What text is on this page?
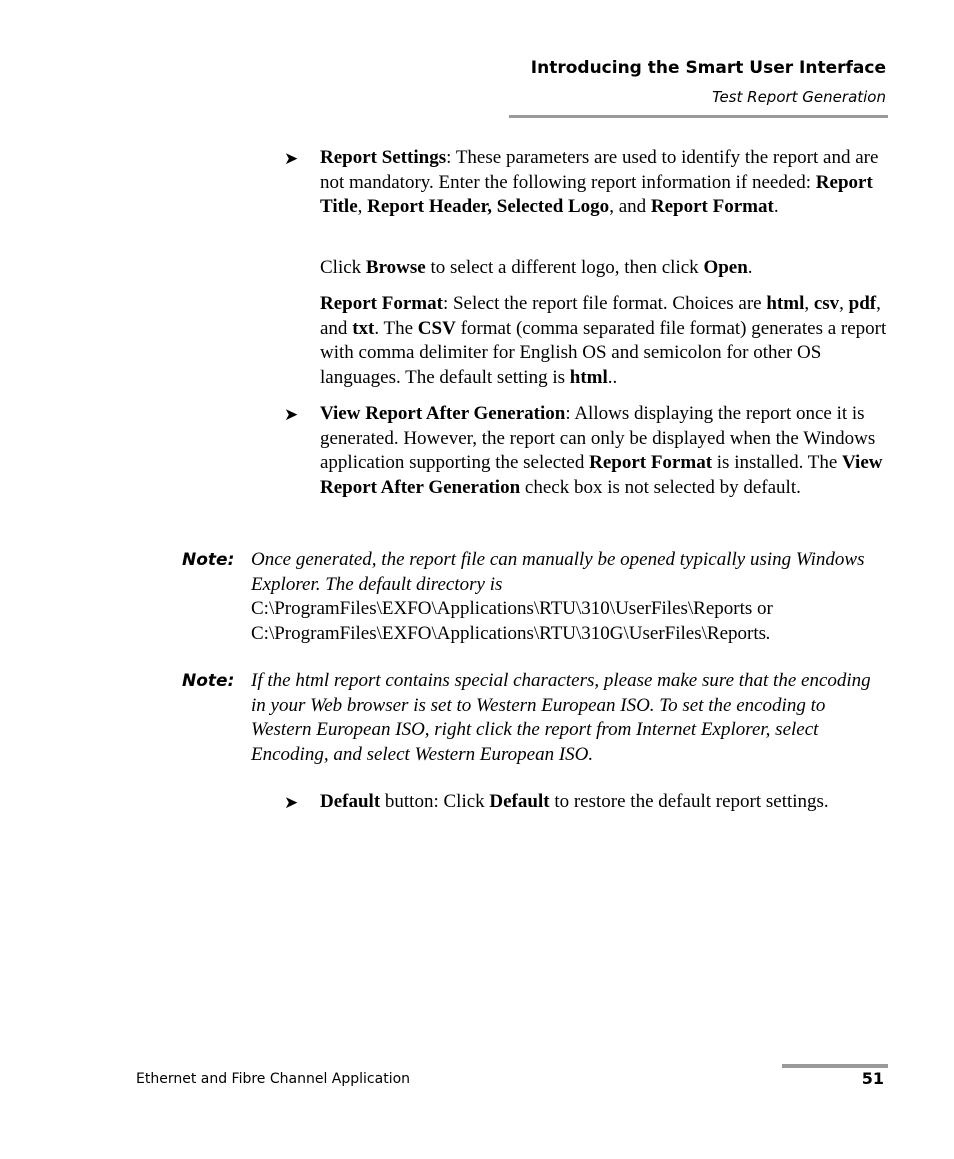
Introducing the Smart User Interface
Test Report Generation
➤	Report Settings: These parameters are used to identify the report and are not mandatory. Enter the following report information if needed: Report Title, Report Header, Selected Logo, and Report Format.
Click Browse to select a different logo, then click Open.
Report Format: Select the report file format. Choices are html, csv, pdf, and txt. The CSV format (comma separated file format) generates a report with comma delimiter for English OS and semicolon for other OS languages. The default setting is html..
➤	View Report After Generation: Allows displaying the report once it is generated. However, the report can only be displayed when the Windows application supporting the selected Report Format is installed. The View Report After Generation check box is not selected by default.
Note: Once generated, the report file can manually be opened typically using Windows Explorer. The default directory is
C:\ProgramFiles\EXFO\Applications\RTU\310\UserFiles\Reports or
C:\ProgramFiles\EXFO\Applications\RTU\310G\UserFiles\Reports.
Note: If the html report contains special characters, please make sure that the encoding in your Web browser is set to Western European ISO. To set the encoding to Western European ISO, right click the report from Internet Explorer, select Encoding, and select Western European ISO.
➤	Default button: Click Default to restore the default report settings.
Ethernet and Fibre Channel Application	51
